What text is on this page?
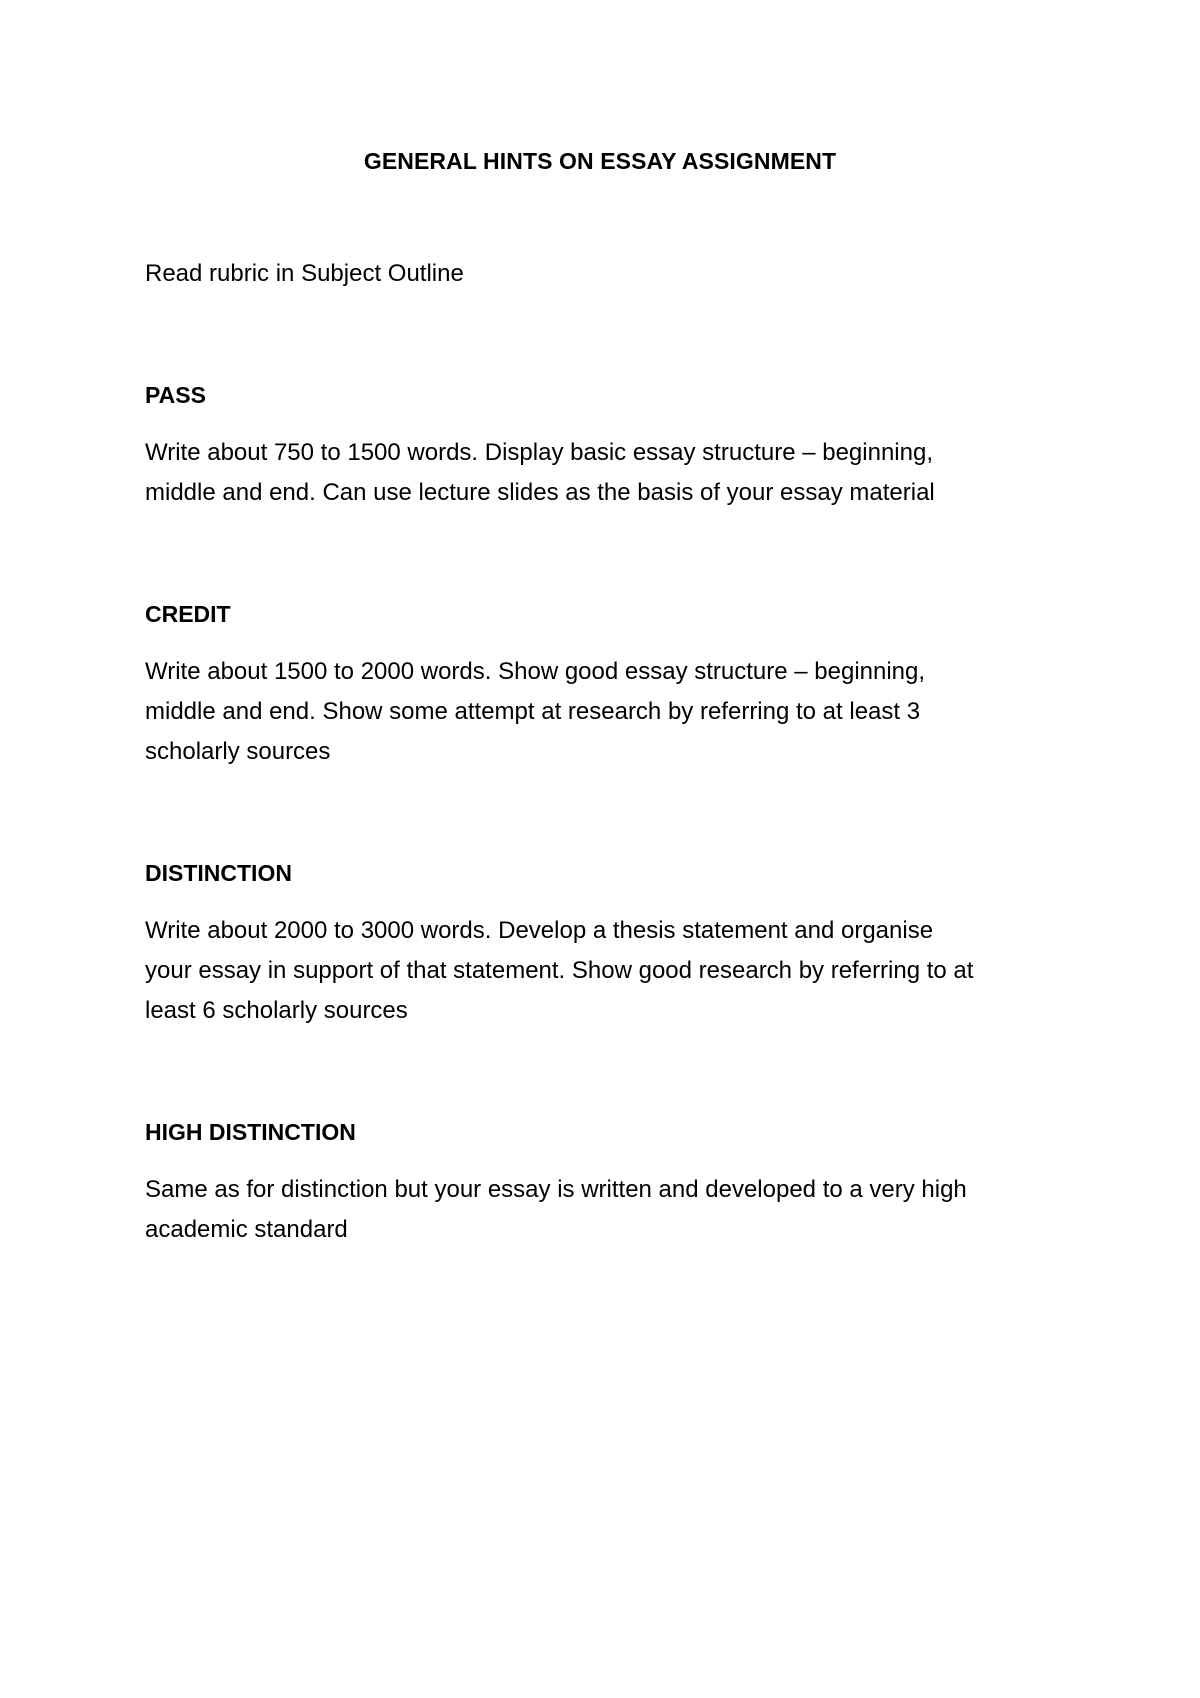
GENERAL HINTS ON ESSAY ASSIGNMENT
Read rubric in Subject Outline
PASS
Write about 750 to 1500 words. Display basic essay structure – beginning,
middle and end. Can use lecture slides as the basis of your essay material
CREDIT
Write about 1500 to 2000 words. Show good essay structure – beginning,
middle and end. Show some attempt at research by referring to at least 3
scholarly sources
DISTINCTION
Write about 2000 to 3000 words. Develop a thesis statement and organise
your essay in support of that statement. Show good research by referring to at
least 6 scholarly sources
HIGH DISTINCTION
Same as for distinction but your essay is written and developed to a very high
academic standard
